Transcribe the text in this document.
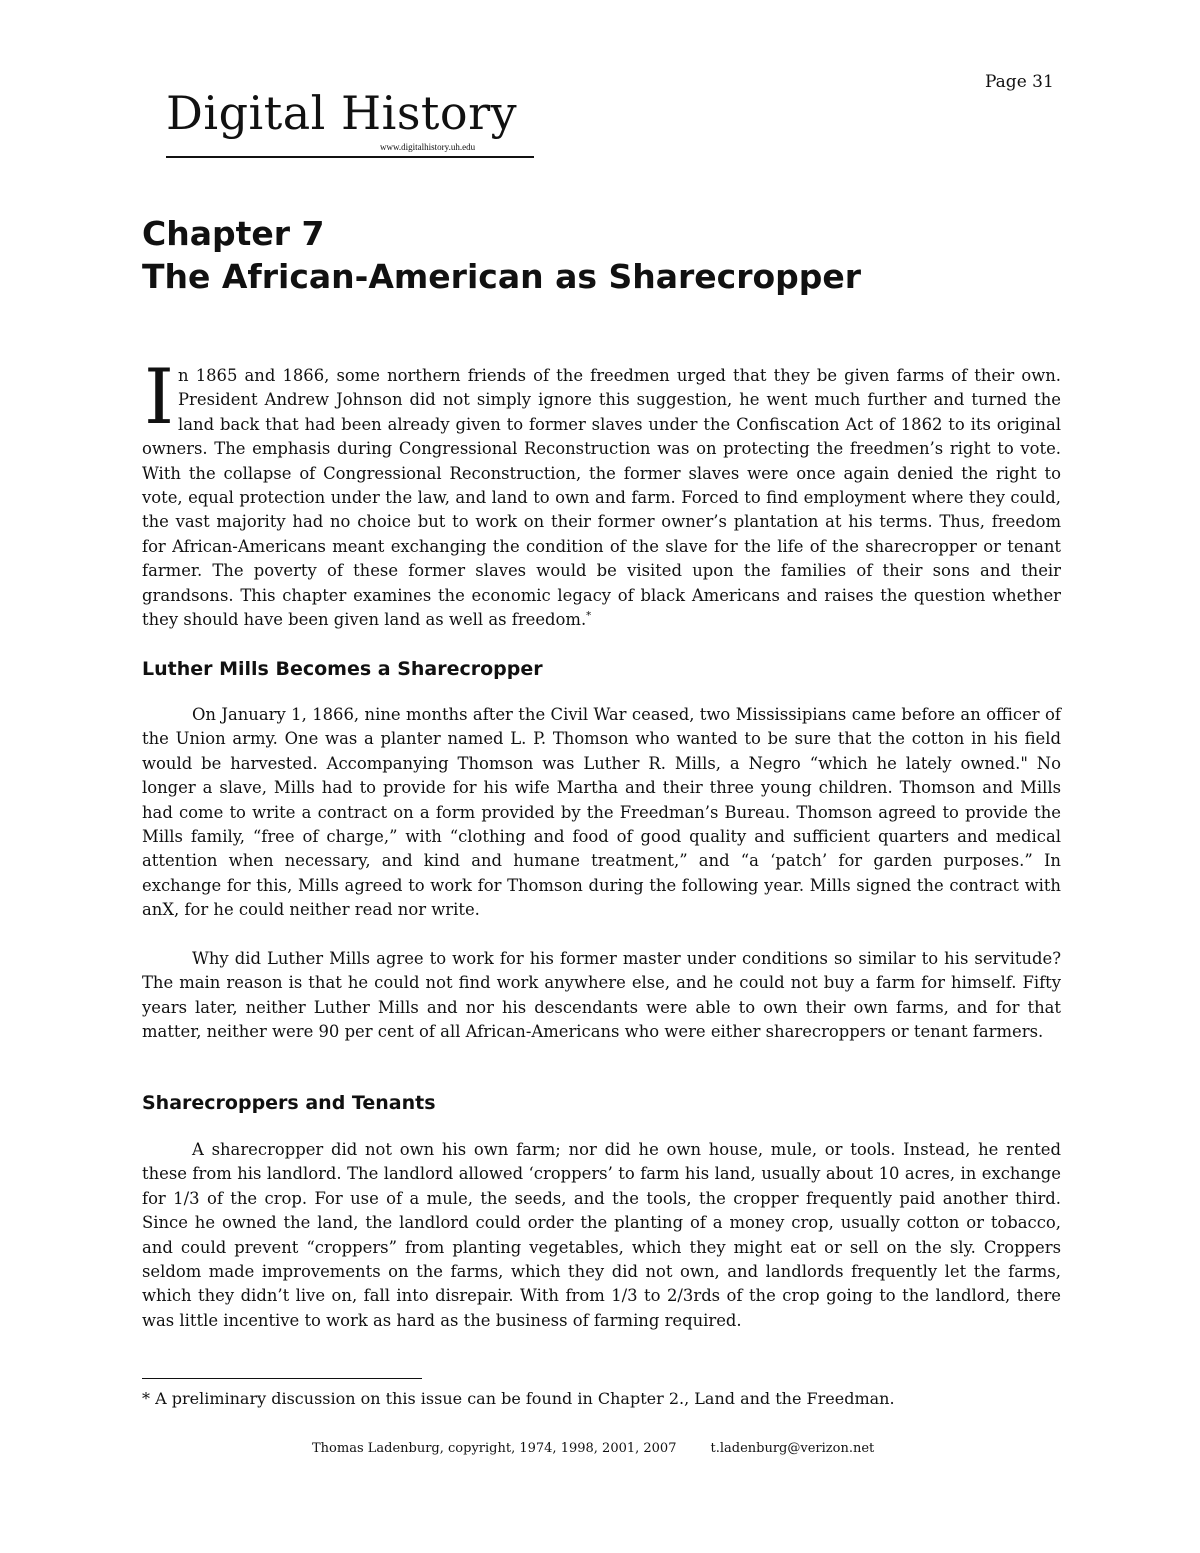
Page 31
Digital History
www.digitalhistory.uh.edu
Chapter 7
The African-American as Sharecropper

In 1865 and 1866, some northern friends of the freedmen urged that they be given farms of their own. President Andrew Johnson did not simply ignore this suggestion, he went much further and turned the land back that had been already given to former slaves under the Confiscation Act of 1862 to its original owners. The emphasis during Congressional Reconstruction was on protecting the freedmen’s right to vote. With the collapse of Congressional Reconstruction, the former slaves were once again denied the right to vote, equal protection under the law, and land to own and farm. Forced to find employment where they could, the vast majority had no choice but to work on their former owner’s plantation at his terms. Thus, freedom for African-Americans meant exchanging the condition of the slave for the life of the sharecropper or tenant farmer. The poverty of these former slaves would be visited upon the families of their sons and their grandsons. This chapter examines the economic legacy of black Americans and raises the question whether they should have been given land as well as freedom.*

Luther Mills Becomes a Sharecropper

On January 1, 1866, nine months after the Civil War ceased, two Mississipians came before an officer of the Union army. One was a planter named L. P. Thomson who wanted to be sure that the cotton in his field would be harvested. Accompanying Thomson was Luther R. Mills, a Negro “which he lately owned." No longer a slave, Mills had to provide for his wife Martha and their three young children. Thomson and Mills had come to write a contract on a form provided by the Freedman’s Bureau. Thomson agreed to provide the Mills family, “free of charge,” with “clothing and food of good quality and sufficient quarters and medical attention when necessary, and kind and humane treatment,” and “a ‘patch’ for garden purposes.” In exchange for this, Mills agreed to work for Thomson during the following year. Mills signed the contract with anX, for he could neither read nor write.

Why did Luther Mills agree to work for his former master under conditions so similar to his servitude? The main reason is that he could not find work anywhere else, and he could not buy a farm for himself. Fifty years later, neither Luther Mills and nor his descendants were able to own their own farms, and for that matter, neither were 90 per cent of all African-Americans who were either sharecroppers or tenant farmers.

Sharecroppers and Tenants

A sharecropper did not own his own farm; nor did he own house, mule, or tools. Instead, he rented these from his landlord. The landlord allowed ‘croppers’ to farm his land, usually about 10 acres, in exchange for 1/3 of the crop. For use of a mule, the seeds, and the tools, the cropper frequently paid another third. Since he owned the land, the landlord could order the planting of a money crop, usually cotton or tobacco, and could prevent “croppers” from planting vegetables, which they might eat or sell on the sly. Croppers seldom made improvements on the farms, which they did not own, and landlords frequently let the farms, which they didn’t live on, fall into disrepair. With from 1/3 to 2/3rds of the crop going to the landlord, there was little incentive to work as hard as the business of farming required.

* A preliminary discussion on this issue can be found in Chapter 2., Land and the Freedman.

Thomas Ladenburg, copyright, 1974, 1998, 2001, 2007	t.ladenburg@verizon.net
